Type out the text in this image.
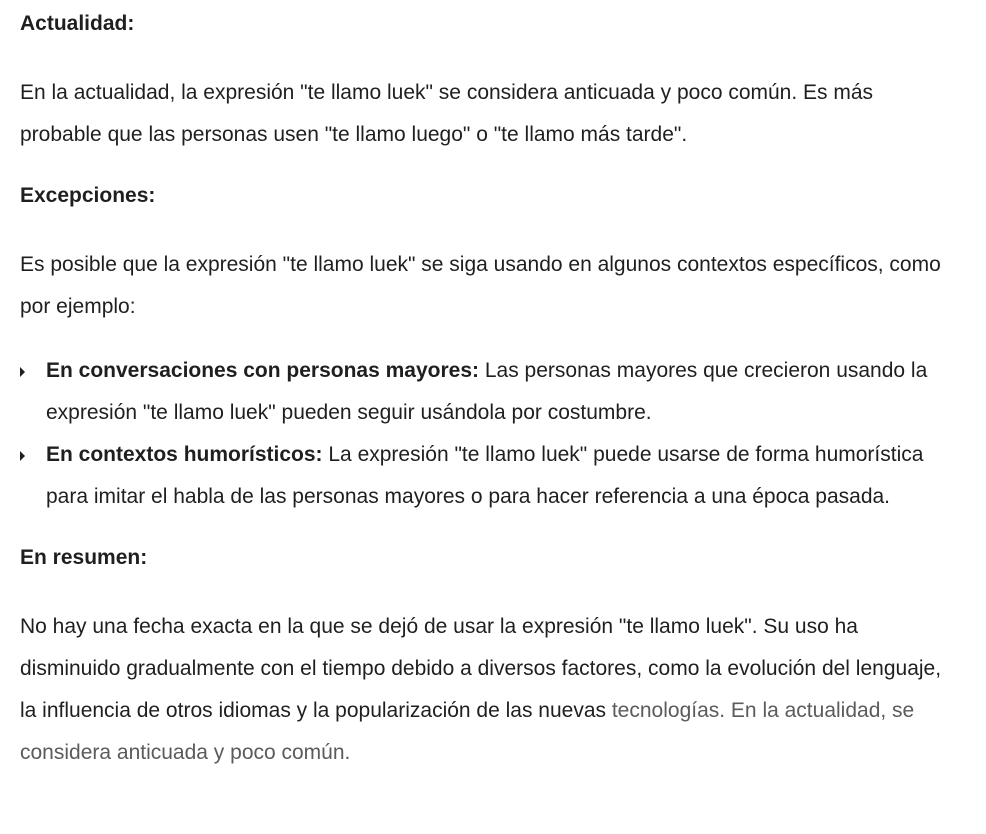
Actualidad:

En la actualidad, la expresión "te llamo luek" se considera anticuada y poco común. Es más probable que las personas usen "te llamo luego" o "te llamo más tarde".

Excepciones:

Es posible que la expresión "te llamo luek" se siga usando en algunos contextos específicos, como por ejemplo:

En conversaciones con personas mayores: Las personas mayores que crecieron usando la expresión "te llamo luek" pueden seguir usándola por costumbre.
En contextos humorísticos: La expresión "te llamo luek" puede usarse de forma humorística para imitar el habla de las personas mayores o para hacer referencia a una época pasada.
En resumen:

No hay una fecha exacta en la que se dejó de usar la expresión "te llamo luek". Su uso ha disminuido gradualmente con el tiempo debido a diversos factores, como la evolución del lenguaje, la influencia de otros idiomas y la popularización de las nuevas tecnologías. En la actualidad, se considera anticuada y poco común.
